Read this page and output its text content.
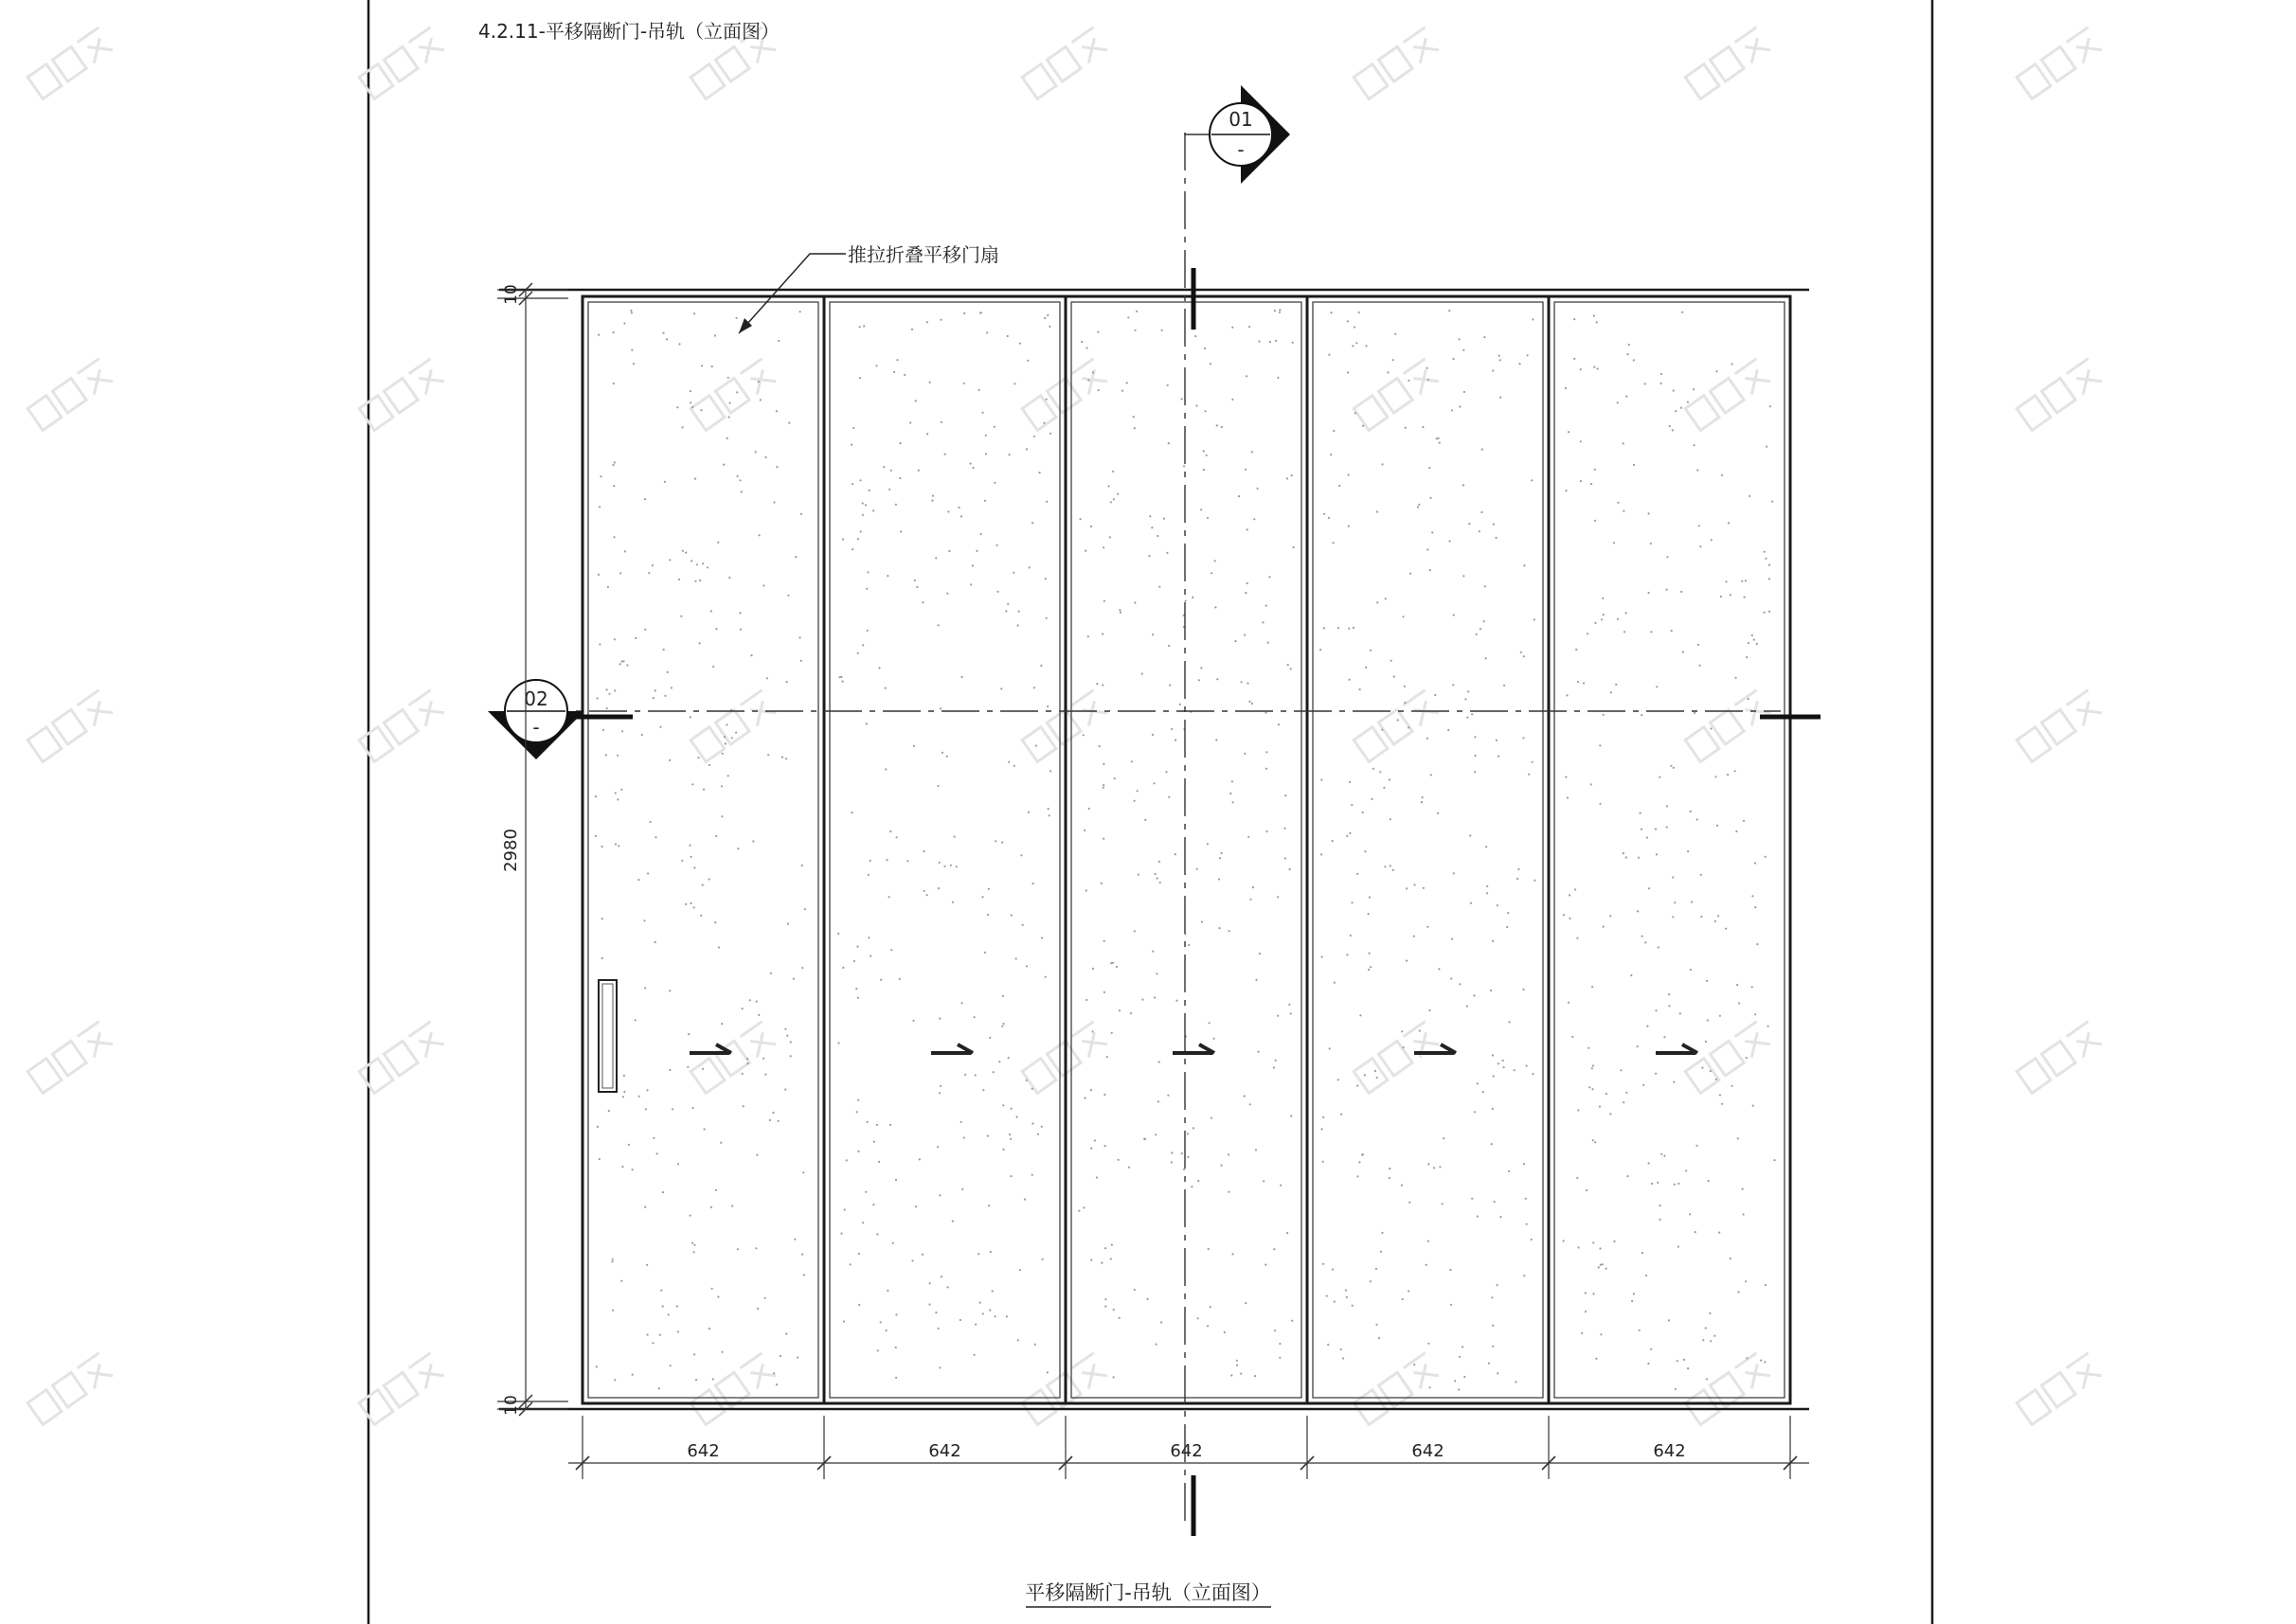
4.2.11-平移隔断门-吊轨（立面图）
01
-
02
-
推拉折叠平移门扇
10
2980
10
642	642	642	642	642
平移隔断门-吊轨（立面图）
